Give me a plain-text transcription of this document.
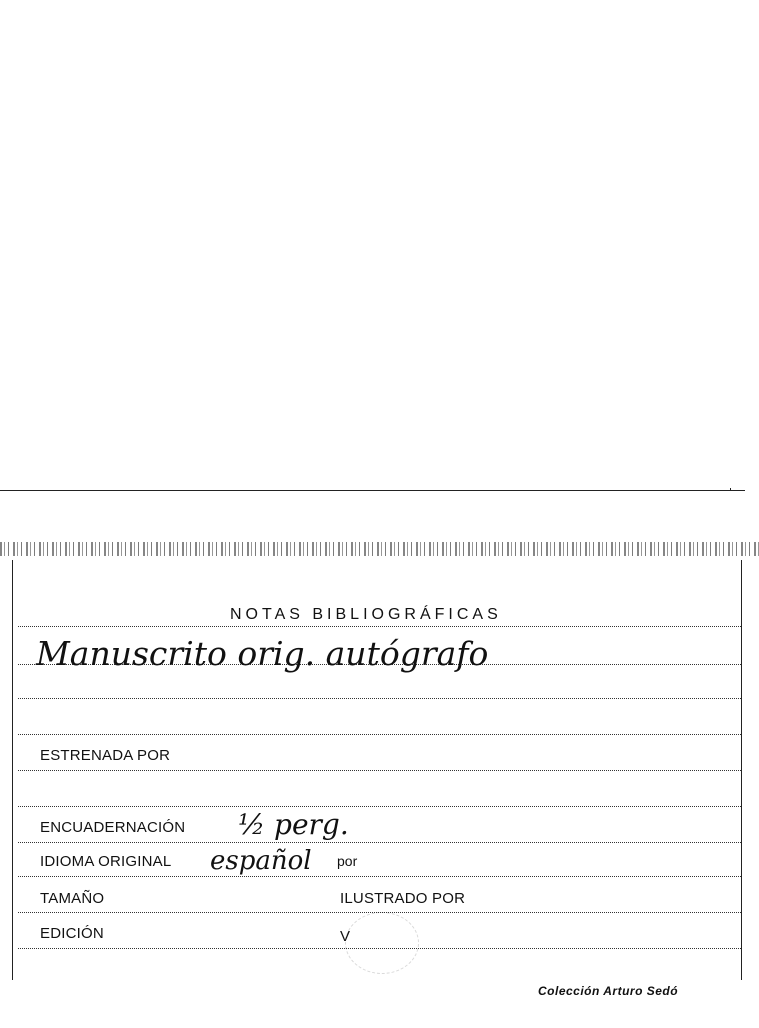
NOTAS BIBLIOGRÁFICAS
Manuscrito orig. autógrafo
ESTRENADA POR
ENCUADERNACIÓN ½ perg.
IDIOMA ORIGINAL español por
TAMAÑO	ILUSTRADO POR
EDICIÓN	V
Colección Arturo Sedó
